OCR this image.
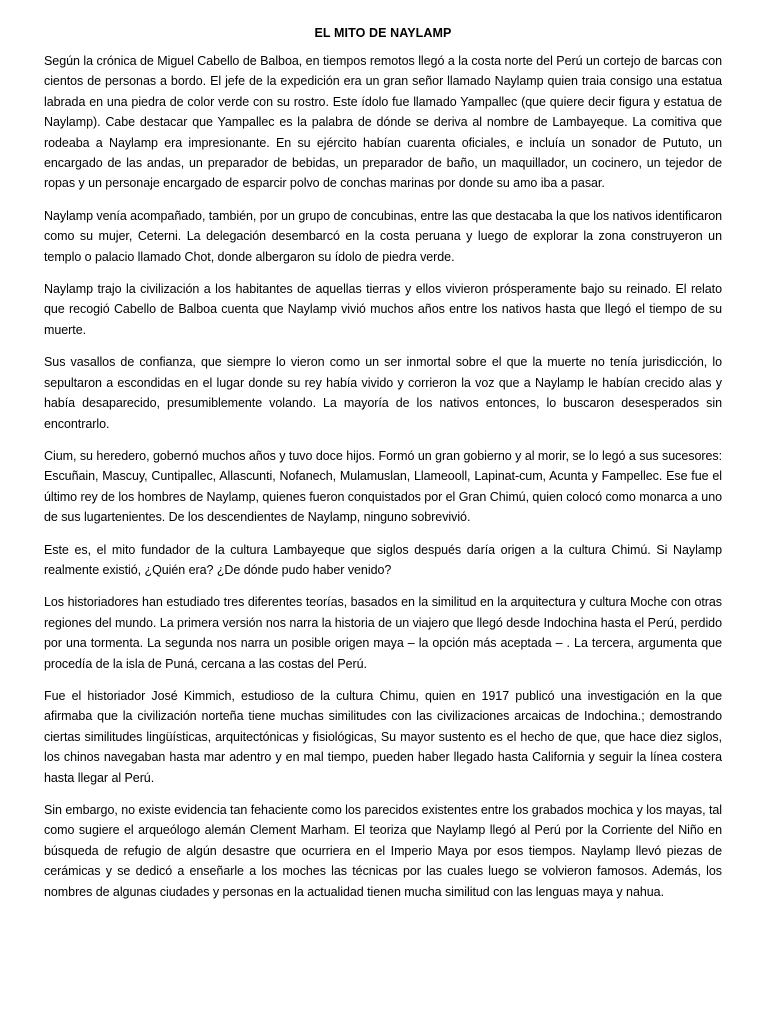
EL MITO DE NAYLAMP

Según la crónica de Miguel Cabello de Balboa, en tiempos remotos llegó a la costa norte del Perú un cortejo de barcas con cientos de personas a bordo. El jefe de la expedición era un gran señor llamado Naylamp quien traia consigo una estatua labrada en una piedra de color verde con su rostro. Este ídolo fue llamado Yampallec (que quiere decir figura y estatua de Naylamp). Cabe destacar que Yampallec es la palabra de dónde se deriva al nombre de Lambayeque. La comitiva que rodeaba a Naylamp era impresionante. En su ejército habían cuarenta oficiales, e incluía un sonador de Pututo, un encargado de las andas, un preparador de bebidas, un preparador de baño, un maquillador, un cocinero, un tejedor de ropas y un personaje encargado de esparcir polvo de conchas marinas por donde su amo iba a pasar.

Naylamp venía acompañado, también, por un grupo de concubinas, entre las que destacaba la que los nativos identificaron como su mujer, Ceterni. La delegación desembarcó en la costa peruana y luego de explorar la zona construyeron un templo o palacio llamado Chot, donde albergaron su ídolo de piedra verde.

Naylamp trajo la civilización a los habitantes de aquellas tierras y ellos vivieron prósperamente bajo su reinado. El relato que recogió Cabello de Balboa cuenta que Naylamp vivió muchos años entre los nativos hasta que llegó el tiempo de su muerte.

Sus vasallos de confianza, que siempre lo vieron como un ser inmortal sobre el que la muerte no tenía jurisdicción, lo sepultaron a escondidas en el lugar donde su rey había vivido y corrieron la voz que a Naylamp le habían crecido alas y había desaparecido, presumiblemente volando. La mayoría de los nativos entonces, lo buscaron desesperados sin encontrarlo.

Cium, su heredero, gobernó muchos años y tuvo doce hijos. Formó un gran gobierno y al morir, se lo legó a sus sucesores: Escuñain, Mascuy, Cuntipallec, Allascunti, Nofanech, Mulamuslan, Llameooll, Lapinat-cum, Acunta y Fampellec. Ese fue el último rey de los hombres de Naylamp, quienes fueron conquistados por el Gran Chimú, quien colocó como monarca a uno de sus lugartenientes. De los descendientes de Naylamp, ninguno sobrevivió.

Este es, el mito fundador de la cultura Lambayeque que siglos después daría origen a la cultura Chimú. Si Naylamp realmente existió, ¿Quién era? ¿De dónde pudo haber venido?

Los historiadores han estudiado tres diferentes teorías, basados en la similitud en la arquitectura y cultura Moche con otras regiones del mundo. La primera versión nos narra la historia de un viajero que llegó desde Indochina hasta el Perú, perdido por una tormenta. La segunda nos narra un posible origen maya – la opción más aceptada – . La tercera, argumenta que procedía de la isla de Puná, cercana a las costas del Perú.

Fue el historiador José Kimmich, estudioso de la cultura Chimu, quien en 1917 publicó una investigación en la que afirmaba que la civilización norteña tiene muchas similitudes con las civilizaciones arcaicas de Indochina.; demostrando ciertas similitudes lingüísticas, arquitectónicas y fisiológicas, Su mayor sustento es el hecho de que, que hace diez siglos, los chinos navegaban hasta mar adentro y en mal tiempo, pueden haber llegado hasta California y seguir la línea costera hasta llegar al Perú.

Sin embargo, no existe evidencia tan fehaciente como los parecidos existentes entre los grabados mochica y los mayas, tal como sugiere el arqueólogo alemán Clement Marham. El teoriza que Naylamp llegó al Perú por la Corriente del Niño en búsqueda de refugio de algún desastre que ocurriera en el Imperio Maya por esos tiempos. Naylamp llevó piezas de cerámicas y se dedicó a enseñarle a los moches las técnicas por las cuales luego se volvieron famosos. Además, los nombres de algunas ciudades y personas en la actualidad tienen mucha similitud con las lenguas maya y nahua.
